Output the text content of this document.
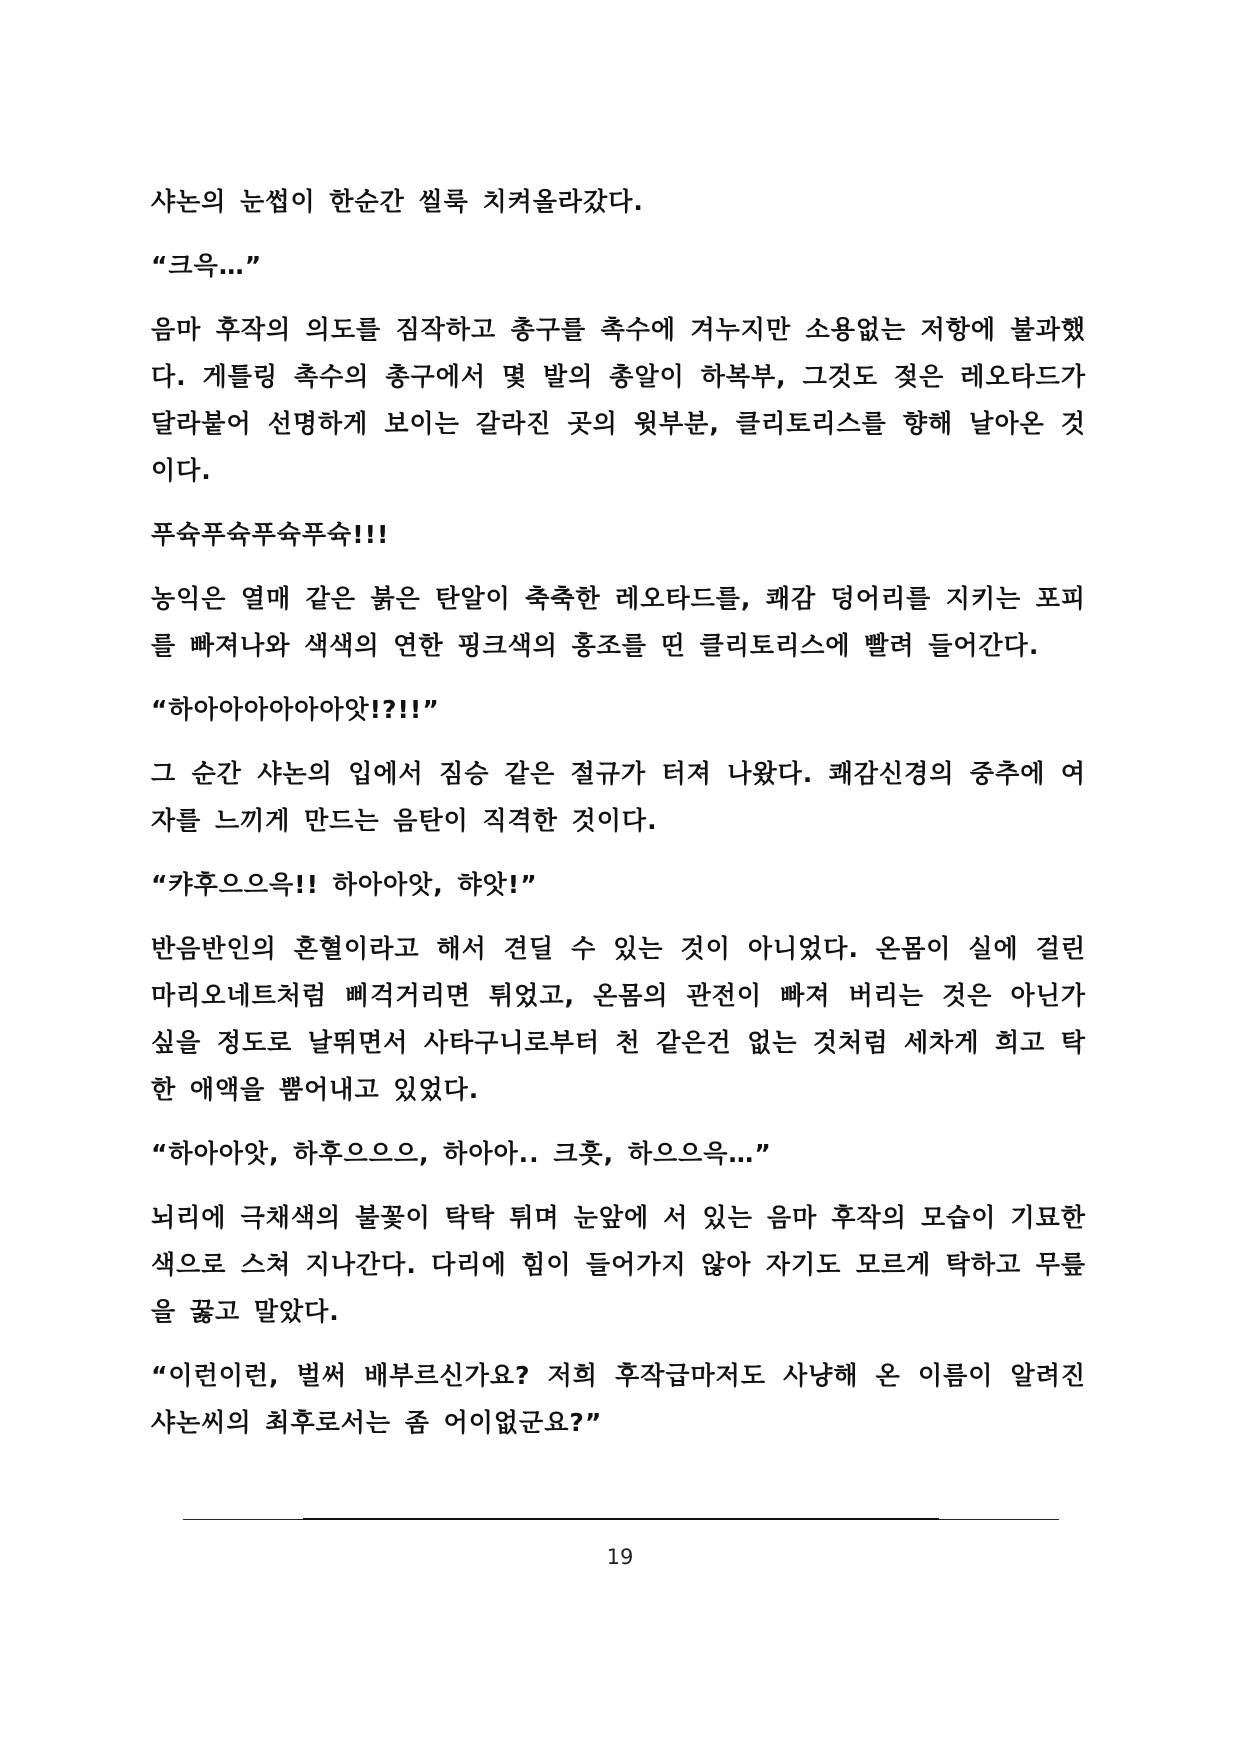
샤논의 눈썹이 한순간 씰룩 치켜올라갔다.

“크윽…”

음마 후작의 의도를 짐작하고 총구를 촉수에 겨누지만 소용없는 저항에 불과했다. 게틀링 촉수의 총구에서 몇 발의 총알이 하복부, 그것도 젖은 레오타드가 달라붙어 선명하게 보이는 갈라진 곳의 윗부분, 클리토리스를 향해 날아온 것이다.

푸슉푸슉푸슉푸슉!!!

농익은 열매 같은 붉은 탄알이 축축한 레오타드를, 쾌감 덩어리를 지키는 포피를 빠져나와 색색의 연한 핑크색의 홍조를 띤 클리토리스에 빨려 들어간다.

“하아아아아아아앗!?!!”

그 순간 샤논의 입에서 짐승 같은 절규가 터져 나왔다. 쾌감신경의 중추에 여자를 느끼게 만드는 음탄이 직격한 것이다.

“캬후으으윽!! 하아아앗, 햐앗!”

반음반인의 혼혈이라고 해서 견딜 수 있는 것이 아니었다. 온몸이 실에 걸린 마리오네트처럼 삐걱거리면 튀었고, 온몸의 관전이 빠져 버리는 것은 아닌가 싶을 정도로 날뛰면서 사타구니로부터 천 같은건 없는 것처럼 세차게 희고 탁한 애액을 뿜어내고 있었다.

“하아아앗, 하후으으으, 하아아.. 크흣, 하으으윽…”

뇌리에 극채색의 불꽃이 탁탁 튀며 눈앞에 서 있는 음마 후작의 모습이 기묘한 색으로 스쳐 지나간다. 다리에 힘이 들어가지 않아 자기도 모르게 탁하고 무릎을 꿇고 말았다.

“이런이런, 벌써 배부르신가요? 저희 후작급마저도 사냥해 온 이름이 알려진 샤논씨의 최후로서는 좀 어이없군요?”

19
